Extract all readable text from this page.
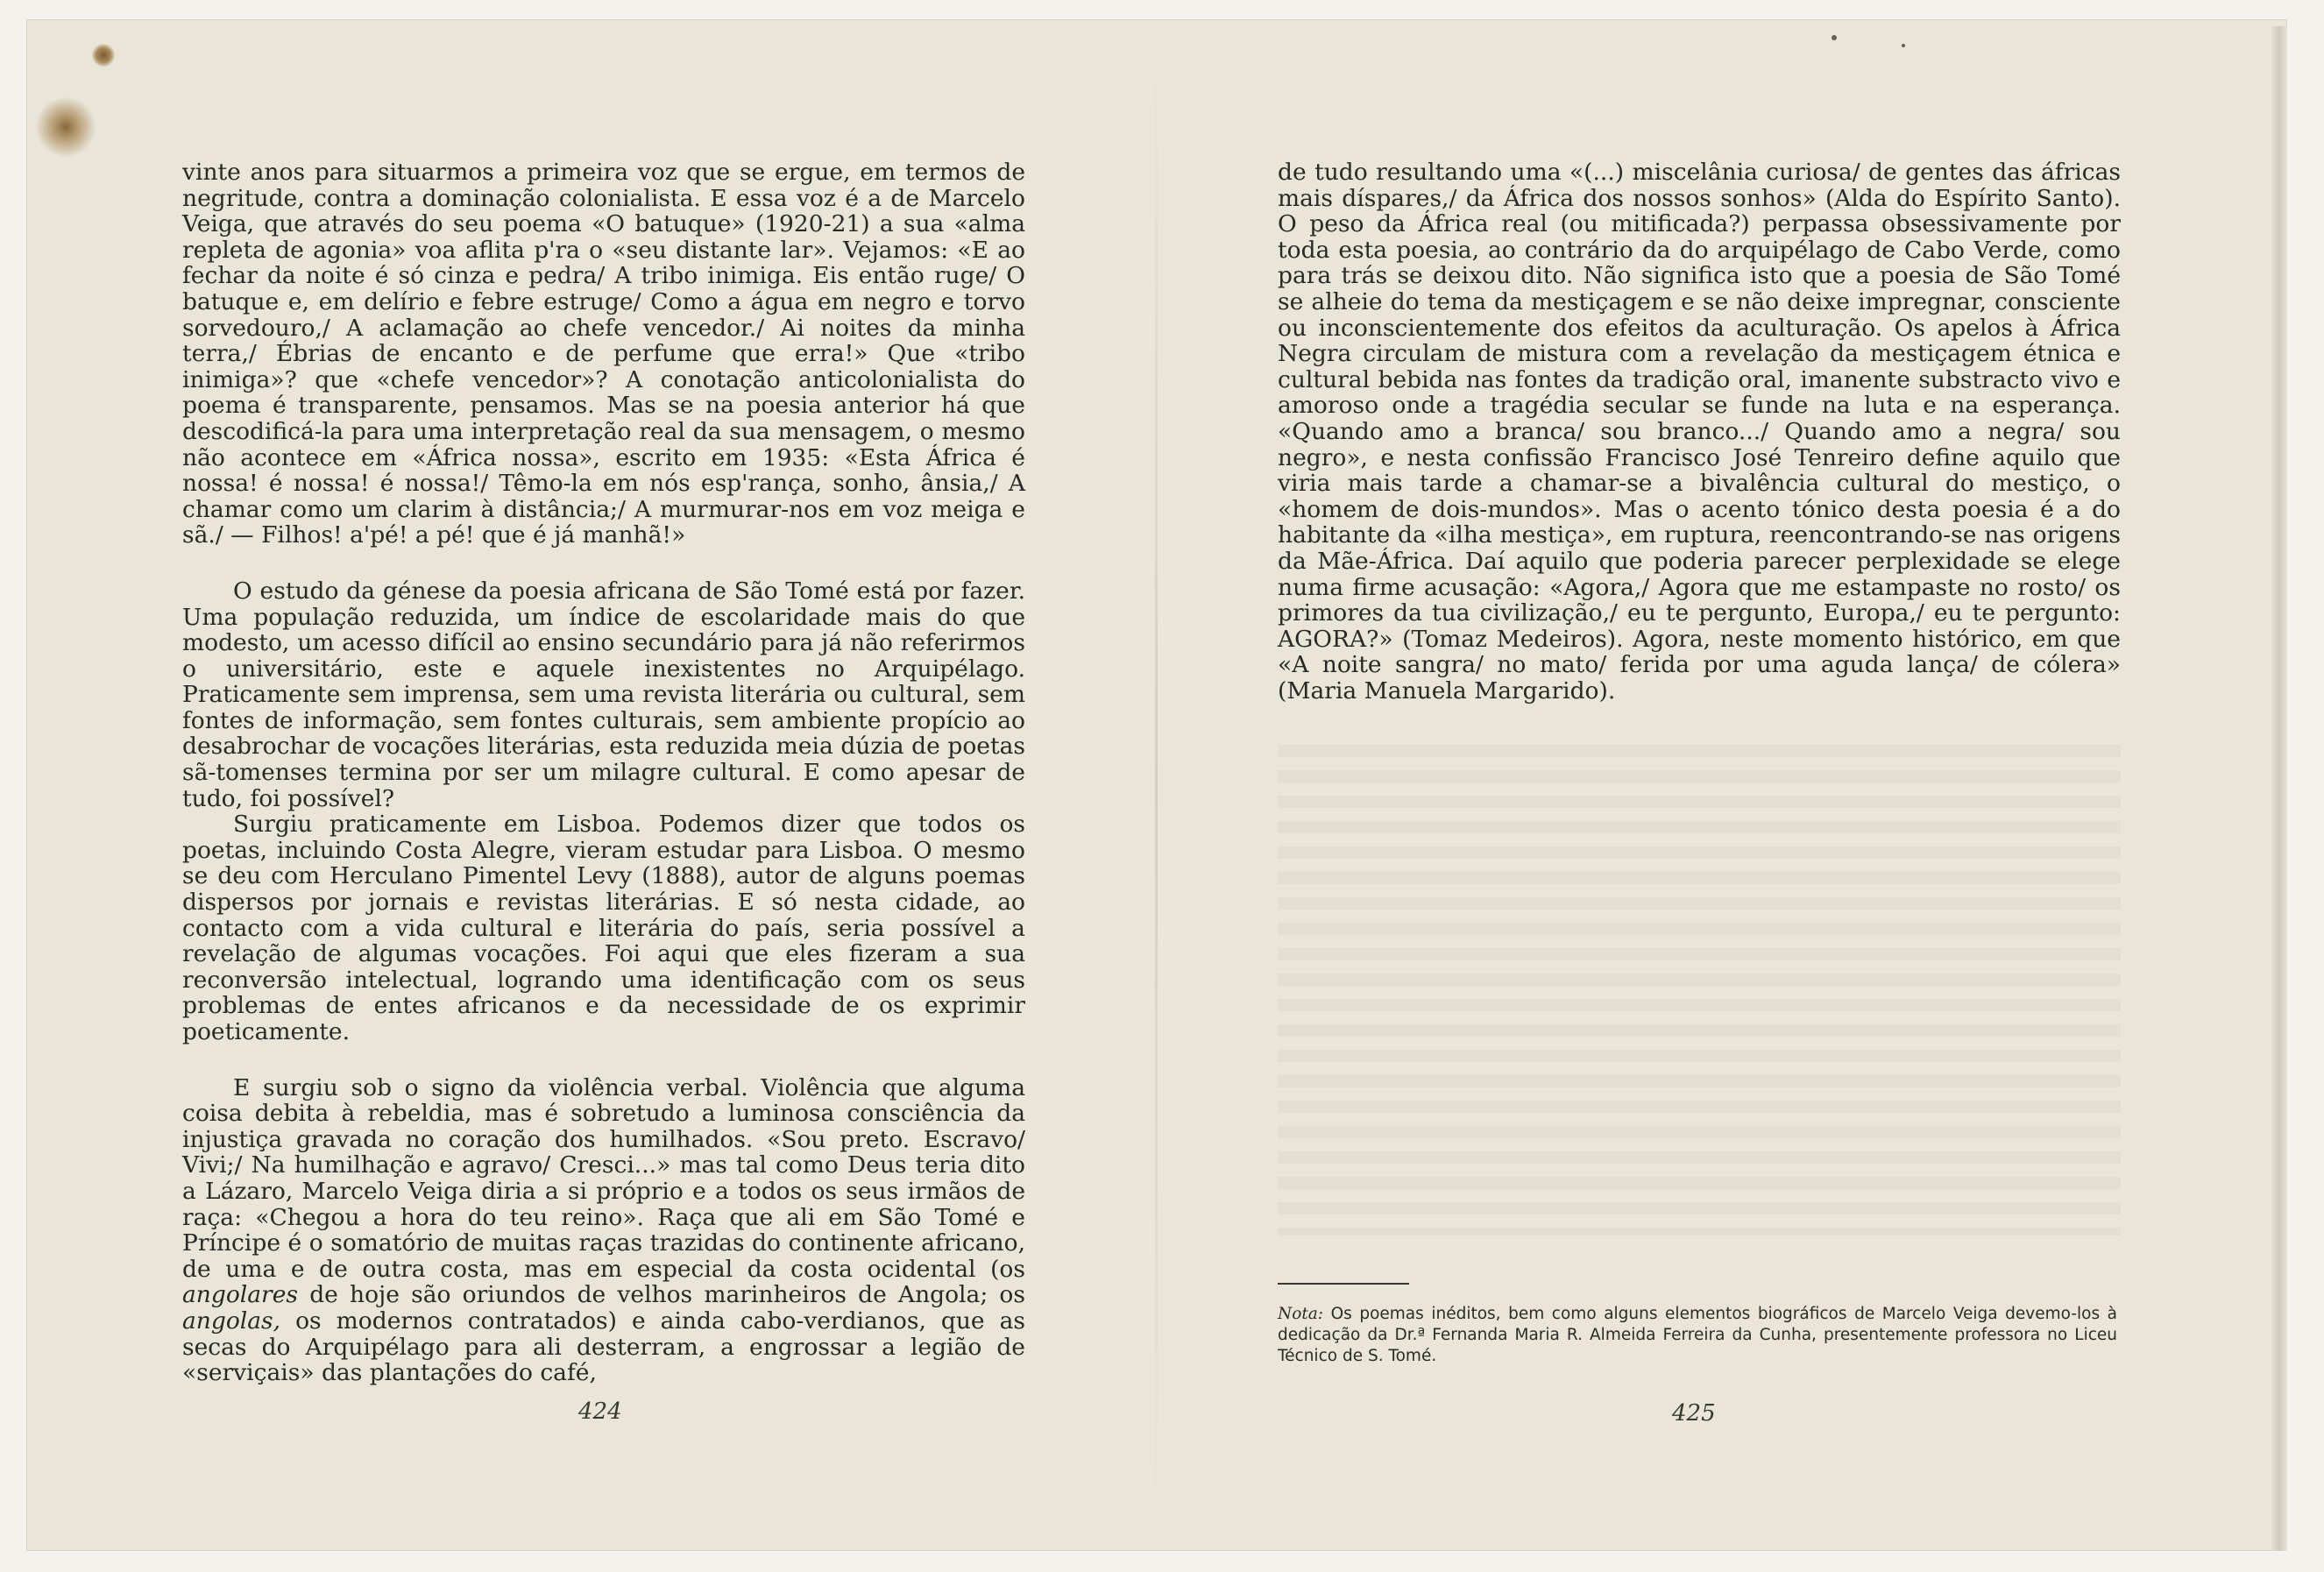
vinte anos para situarmos a primeira voz que se ergue, em termos de negritude, contra a dominação colonialista. E essa voz é a de Marcelo Veiga, que através do seu poema «O batuque» (1920-21) a sua «alma repleta de agonia» voa aflita p'ra o «seu distante lar». Vejamos: «E ao fechar da noite é só cinza e pedra/ A tribo inimiga. Eis então ruge/ O batuque e, em delírio e febre estruge/ Como a água em negro e torvo sorvedouro,/ A aclamação ao chefe vencedor./ Ai noites da minha terra,/ Ébrias de encanto e de perfume que erra!» Que «tribo inimiga»? que «chefe vencedor»? A conotação anticolonialista do poema é transparente, pensamos. Mas se na poesia anterior há que descodificá-la para uma interpretação real da sua mensagem, o mesmo não acontece em «África nossa», escrito em 1935: «Esta África é nossa! é nossa! é nossa!/ Têmo-la em nós esp'rança, sonho, ânsia,/ A chamar como um clarim à distância;/ A murmurar-nos em voz meiga e sã./ — Filhos! a'pé! a pé! que é já manhã!»

O estudo da génese da poesia africana de São Tomé está por fazer. Uma população reduzida, um índice de escolaridade mais do que modesto, um acesso difícil ao ensino secundário para já não referirmos o universitário, este e aquele inexistentes no Arquipélago. Praticamente sem imprensa, sem uma revista literária ou cultural, sem fontes de informação, sem fontes culturais, sem ambiente propício ao desabrochar de vocações literárias, esta reduzida meia dúzia de poetas sã-tomenses termina por ser um milagre cultural. E como apesar de tudo, foi possível?

Surgiu praticamente em Lisboa. Podemos dizer que todos os poetas, incluindo Costa Alegre, vieram estudar para Lisboa. O mesmo se deu com Herculano Pimentel Levy (1888), autor de alguns poemas dispersos por jornais e revistas literárias. E só nesta cidade, ao contacto com a vida cultural e literária do país, seria possível a revelação de algumas vocações. Foi aqui que eles fizeram a sua reconversão intelectual, logrando uma identificação com os seus problemas de entes africanos e da necessidade de os exprimir poeticamente.

E surgiu sob o signo da violência verbal. Violência que alguma coisa debita à rebeldia, mas é sobretudo a luminosa consciência da injustiça gravada no coração dos humilhados. «Sou preto. Escravo/ Vivi;/ Na humilhação e agravo/ Cresci...» mas tal como Deus teria dito a Lázaro, Marcelo Veiga diria a si próprio e a todos os seus irmãos de raça: «Chegou a hora do teu reino». Raça que ali em São Tomé e Príncipe é o somatório de muitas raças trazidas do continente africano, de uma e de outra costa, mas em especial da costa ocidental (os angolares de hoje são oriundos de velhos marinheiros de Angola; os angolas, os modernos contratados) e ainda cabo-verdianos, que as secas do Arquipélago para ali desterram, a engrossar a legião de «serviçais» das plantações do café,

de tudo resultando uma «(...) miscelânia curiosa/ de gentes das áfricas mais díspares,/ da África dos nossos sonhos» (Alda do Espírito Santo). O peso da África real (ou mitificada?) perpassa obsessivamente por toda esta poesia, ao contrário da do arquipélago de Cabo Verde, como para trás se deixou dito. Não significa isto que a poesia de São Tomé se alheie do tema da mestiçagem e se não deixe impregnar, consciente ou inconscientemente dos efeitos da aculturação. Os apelos à África Negra circulam de mistura com a revelação da mestiçagem étnica e cultural bebida nas fontes da tradição oral, imanente substracto vivo e amoroso onde a tragédia secular se funde na luta e na esperança. «Quando amo a branca/ sou branco.../ Quando amo a negra/ sou negro», e nesta confissão Francisco José Tenreiro define aquilo que viria mais tarde a chamar-se a bivalência cultural do mestiço, o «homem de dois-mundos». Mas o acento tónico desta poesia é a do habitante da «ilha mestiça», em ruptura, reencontrando-se nas origens da Mãe-África. Daí aquilo que poderia parecer perplexidade se elege numa firme acusação: «Agora,/ Agora que me estampaste no rosto/ os primores da tua civilização,/ eu te pergunto, Europa,/ eu te pergunto: AGORA?» (Tomaz Medeiros). Agora, neste momento histórico, em que «A noite sangra/ no mato/ ferida por uma aguda lança/ de cólera» (Maria Manuela Margarido).

Nota: Os poemas inéditos, bem como alguns elementos biográficos de Marcelo Veiga devemo-los à dedicação da Dr.ª Fernanda Maria R. Almeida Ferreira da Cunha, presentemente professora no Liceu Técnico de S. Tomé.
424	425
